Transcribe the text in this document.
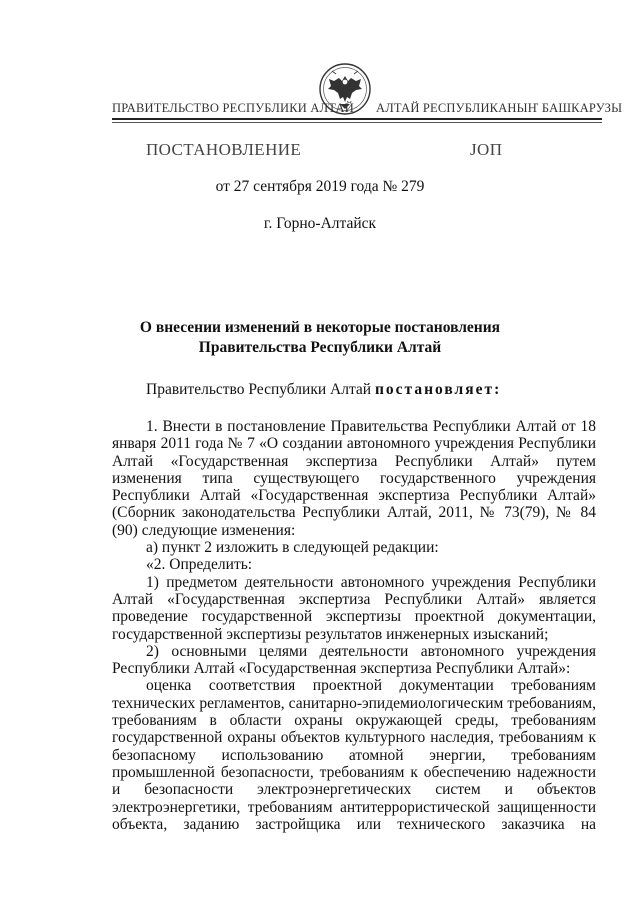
ПРАВИТЕЛЬСТВО РЕСПУБЛИКИ АЛТАЙ АЛТАЙ РЕСПУБЛИКАНЫҤ БАШКАРУЗЫ
ПОСТАНОВЛЕНИЕ	ЈОП
от 27 сентября 2019 года № 279
г. Горно-Алтайск
О внесении изменений в некоторые постановления
Правительства Республики Алтай
Правительство Республики Алтай постановляет:

1. Внести в постановление Правительства Республики Алтай от 18 января 2011 года № 7 «О создании автономного учреждения Республики Алтай «Государственная экспертиза Республики Алтай» путем изменения типа существующего государственного учреждения Республики Алтай «Государственная экспертиза Республики Алтай» (Сборник законодательства Республики Алтай, 2011, № 73(79), № 84 (90) следующие изменения:

а) пункт 2 изложить в следующей редакции:

«2. Определить:

1) предметом деятельности автономного учреждения Республики Алтай «Государственная экспертиза Республики Алтай» является проведение государственной экспертизы проектной документации, государственной экспертизы результатов инженерных изысканий;

2) основными целями деятельности автономного учреждения Республики Алтай «Государственная экспертиза Республики Алтай»:

оценка соответствия проектной документации требованиям технических регламентов, санитарно-эпидемиологическим требованиям, требованиям в области охраны окружающей среды, требованиям государственной охраны объектов культурного наследия, требованиям к безопасному использованию атомной энергии, требованиям промышленной безопасности, требованиям к обеспечению надежности и безопасности электроэнергетических систем и объектов электроэнергетики, требованиям антитеррористической защищенности объекта, заданию застройщика или технического заказчика на
